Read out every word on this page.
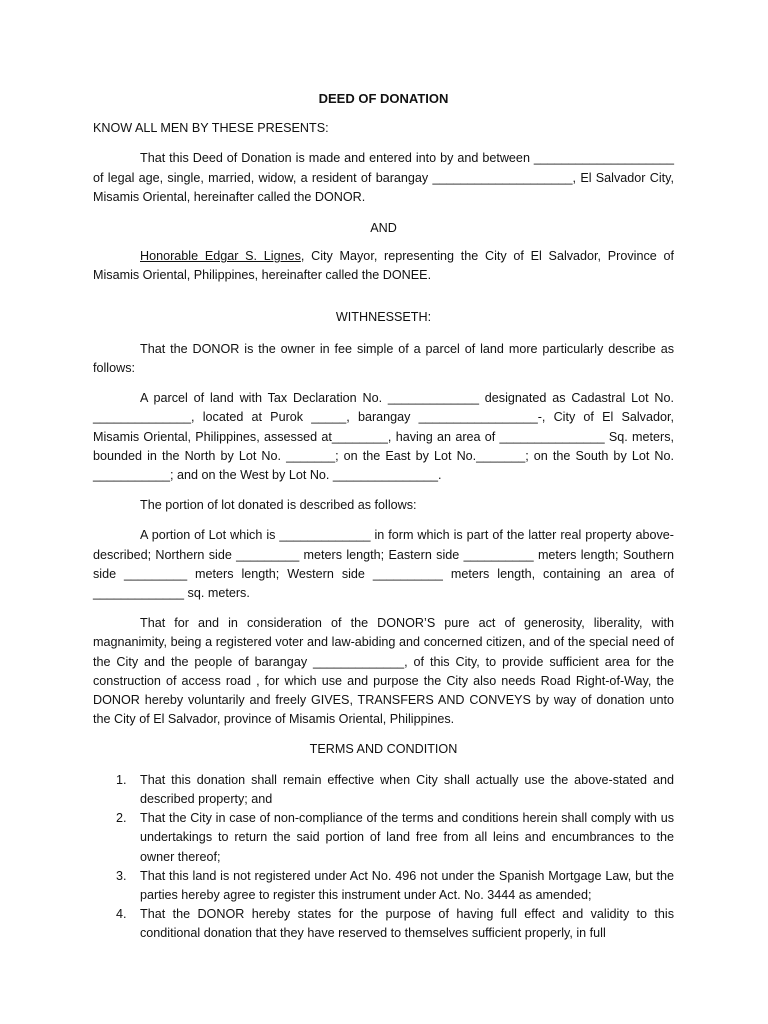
DEED OF DONATION
KNOW ALL MEN BY THESE PRESENTS:

That this Deed of Donation is made and entered into by and between ____________________ of legal age, single, married, widow, a resident of barangay ____________________, El Salvador City, Misamis Oriental, hereinafter called the DONOR.

AND

Honorable Edgar S. Lignes, City Mayor, representing the City of El Salvador, Province of Misamis Oriental, Philippines, hereinafter called the DONEE.

WITHNESSETH:

That the DONOR is the owner in fee simple of a parcel of land more particularly describe as follows:

A parcel of land with Tax Declaration No. _____________ designated as Cadastral Lot No. ______________, located at Purok _____, barangay _________________-, City of El Salvador, Misamis Oriental, Philippines, assessed at________, having an area of _______________ Sq. meters, bounded in the North by Lot No. _______; on the East by Lot No._______; on the South by Lot No. ___________; and on the West by Lot No. _______________.

The portion of lot donated is described as follows:

A portion of Lot which is _____________ in form which is part of the latter real property above-described; Northern side _________ meters length; Eastern side __________ meters length; Southern side _________ meters length; Western side __________ meters length, containing an area of _____________ sq. meters.

That for and in consideration of the DONOR’S pure act of generosity, liberality, with magnanimity, being a registered voter and law-abiding and concerned citizen, and of the special need of the City and the people of barangay _____________, of this City, to provide sufficient area for the construction of access road , for which use and purpose the City also needs Road Right-of-Way, the DONOR hereby voluntarily and freely GIVES, TRANSFERS AND CONVEYS by way of donation unto the City of El Salvador, province of Misamis Oriental, Philippines.

TERMS AND CONDITION
1. That this donation shall remain effective when City shall actually use the above-stated and described property; and
2. That the City in case of non-compliance of the terms and conditions herein shall comply with us undertakings to return the said portion of land free from all leins and encumbrances to the owner thereof;
3. That this land is not registered under Act No. 496 not under the Spanish Mortgage Law, but the parties hereby agree to register this instrument under Act. No. 3444 as amended;
4. That the DONOR hereby states for the purpose of having full effect and validity to this conditional donation that they have reserved to themselves sufficient properly, in full
